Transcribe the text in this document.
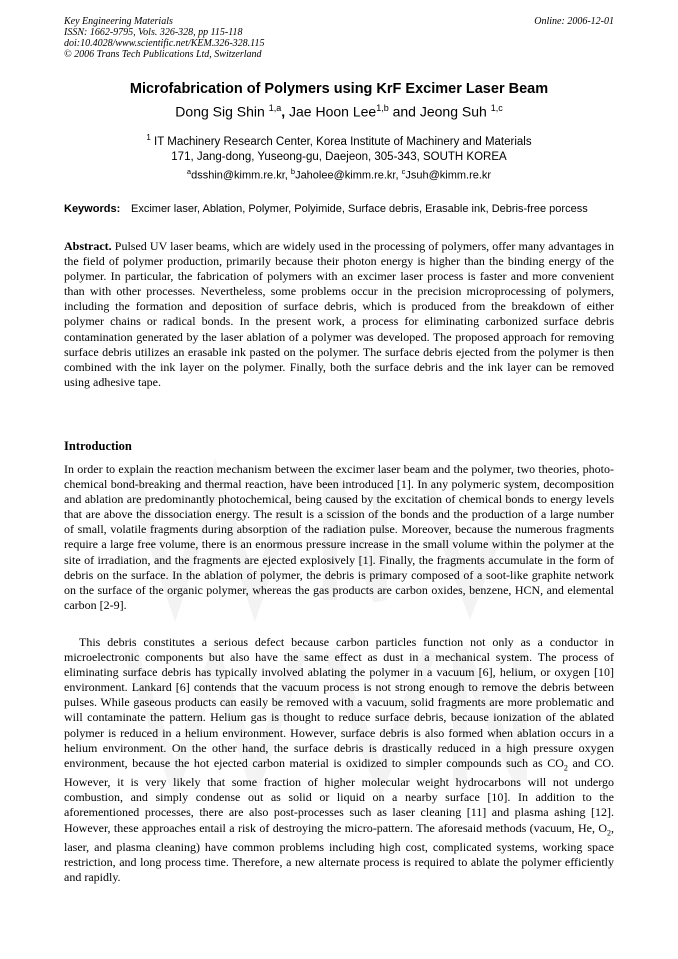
Key Engineering Materials
ISSN: 1662-9795, Vols. 326-328, pp 115-118
doi:10.4028/www.scientific.net/KEM.326-328.115
© 2006 Trans Tech Publications Ltd, Switzerland
Online: 2006-12-01
Microfabrication of Polymers using KrF Excimer Laser Beam
Dong Sig Shin $^{1,a}$, Jae Hoon Lee$^{1,b}$ and Jeong Suh $^{1,c}$
$^1$ IT Machinery Research Center, Korea Institute of Machinery and Materials
171, Jang-dong, Yuseong-gu, Daejeon, 305-343, SOUTH KOREA
$^a$dsshin@kimm.re.kr, $^b$Jaholee@kimm.re.kr, $^c$Jsuh@kimm.re.kr
Keywords: Excimer laser, Ablation, Polymer, Polyimide, Surface debris, Erasable ink, Debris-free porcess
Abstract. Pulsed UV laser beams, which are widely used in the processing of polymers, offer many advantages in the field of polymer production, primarily because their photon energy is higher than the binding energy of the polymer. In particular, the fabrication of polymers with an excimer laser process is faster and more convenient than with other processes. Nevertheless, some problems occur in the precision microprocessing of polymers, including the formation and deposition of surface debris, which is produced from the breakdown of either polymer chains or radical bonds. In the present work, a process for eliminating carbonized surface debris contamination generated by the laser ablation of a polymer was developed. The proposed approach for removing surface debris utilizes an erasable ink pasted on the polymer. The surface debris ejected from the polymer is then combined with the ink layer on the polymer. Finally, both the surface debris and the ink layer can be removed using adhesive tape.
Introduction
In order to explain the reaction mechanism between the excimer laser beam and the polymer, two theories, photo-chemical bond-breaking and thermal reaction, have been introduced [1]. In any polymeric system, decomposition and ablation are predominantly photochemical, being caused by the excitation of chemical bonds to energy levels that are above the dissociation energy. The result is a scission of the bonds and the production of a large number of small, volatile fragments during absorption of the radiation pulse. Moreover, because the numerous fragments require a large free volume, there is an enormous pressure increase in the small volume within the polymer at the site of irradiation, and the fragments are ejected explosively [1]. Finally, the fragments accumulate in the form of debris on the surface. In the ablation of polymer, the debris is primary composed of a soot-like graphite network on the surface of the organic polymer, whereas the gas products are carbon oxides, benzene, HCN, and elemental carbon [2-9].
This debris constitutes a serious defect because carbon particles function not only as a conductor in microelectronic components but also have the same effect as dust in a mechanical system. The process of eliminating surface debris has typically involved ablating the polymer in a vacuum [6], helium, or oxygen [10] environment. Lankard [6] contends that the vacuum process is not strong enough to remove the debris between pulses. While gaseous products can easily be removed with a vacuum, solid fragments are more problematic and will contaminate the pattern. Helium gas is thought to reduce surface debris, because ionization of the ablated polymer is reduced in a helium environment. However, surface debris is also formed when ablation occurs in a helium environment. On the other hand, the surface debris is drastically reduced in a high pressure oxygen environment, because the hot ejected carbon material is oxidized to simpler compounds such as $CO_2$ and CO. However, it is very likely that some fraction of higher molecular weight hydrocarbons will not undergo combustion, and simply condense out as solid or liquid on a nearby surface [10]. In addition to the aforementioned processes, there are also post-processes such as laser cleaning [11] and plasma ashing [12]. However, these approaches entail a risk of destroying the micro-pattern. The aforesaid methods (vacuum, He, $O_2$, laser, and plasma cleaning) have common problems including high cost, complicated systems, working space restriction, and long process time. Therefore, a new alternate process is required to ablate the polymer efficiently and rapidly.
